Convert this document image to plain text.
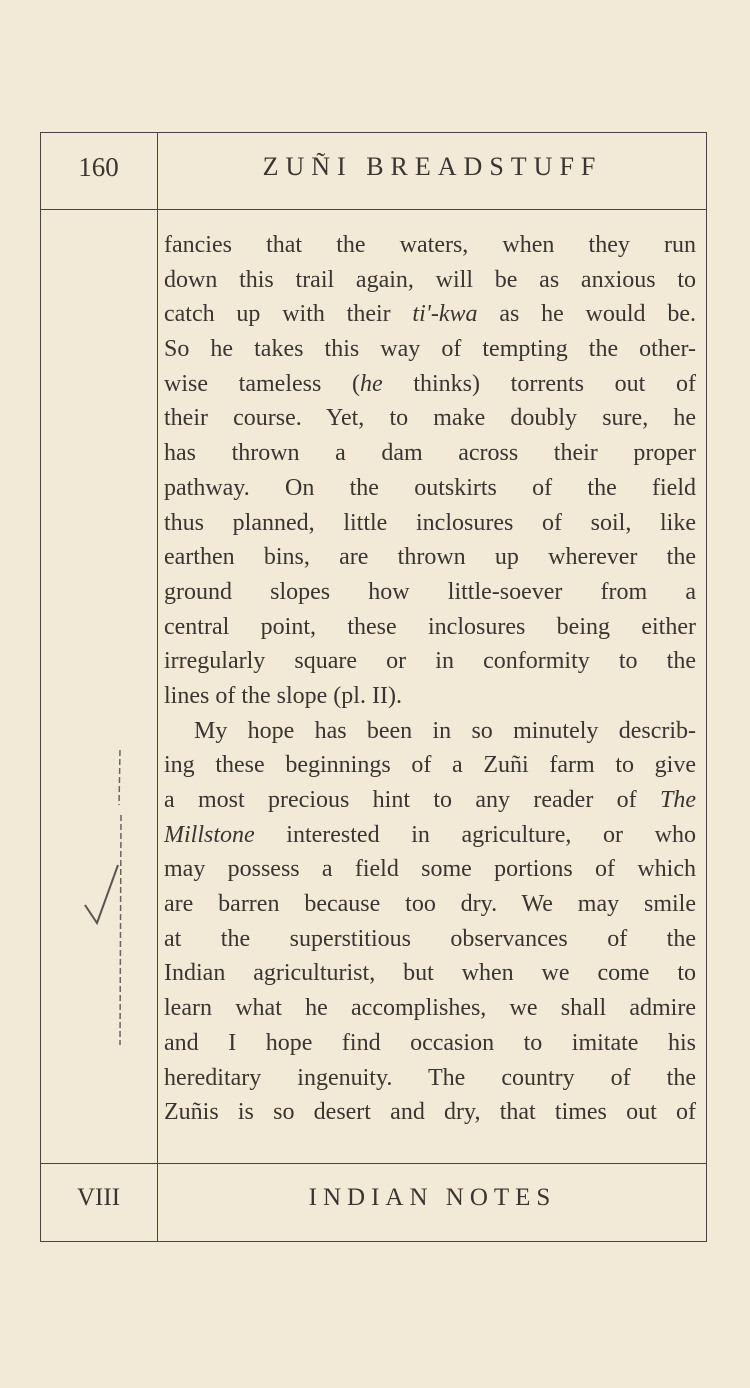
160	ZUÑI BREADSTUFF
VIII	INDIAN NOTES
fancies that the waters, when they run
down this trail again, will be as anxious to
catch up with their ti'-kwa as he would be.
So he takes this way of tempting the other-
wise tameless (he thinks) torrents out of
their course. Yet, to make doubly sure, he
has thrown a dam across their proper
pathway. On the outskirts of the field
thus planned, little inclosures of soil, like
earthen bins, are thrown up wherever the
ground slopes how little-soever from a
central point, these inclosures being either
irregularly square or in conformity to the
lines of the slope (pl. II).
My hope has been in so minutely describ-
ing these beginnings of a Zuñi farm to give
a most precious hint to any reader of The
Millstone interested in agriculture, or who
may possess a field some portions of which
are barren because too dry. We may smile
at the superstitious observances of the
Indian agriculturist, but when we come to
learn what he accomplishes, we shall admire
and I hope find occasion to imitate his
hereditary ingenuity. The country of the
Zuñis is so desert and dry, that times out of
